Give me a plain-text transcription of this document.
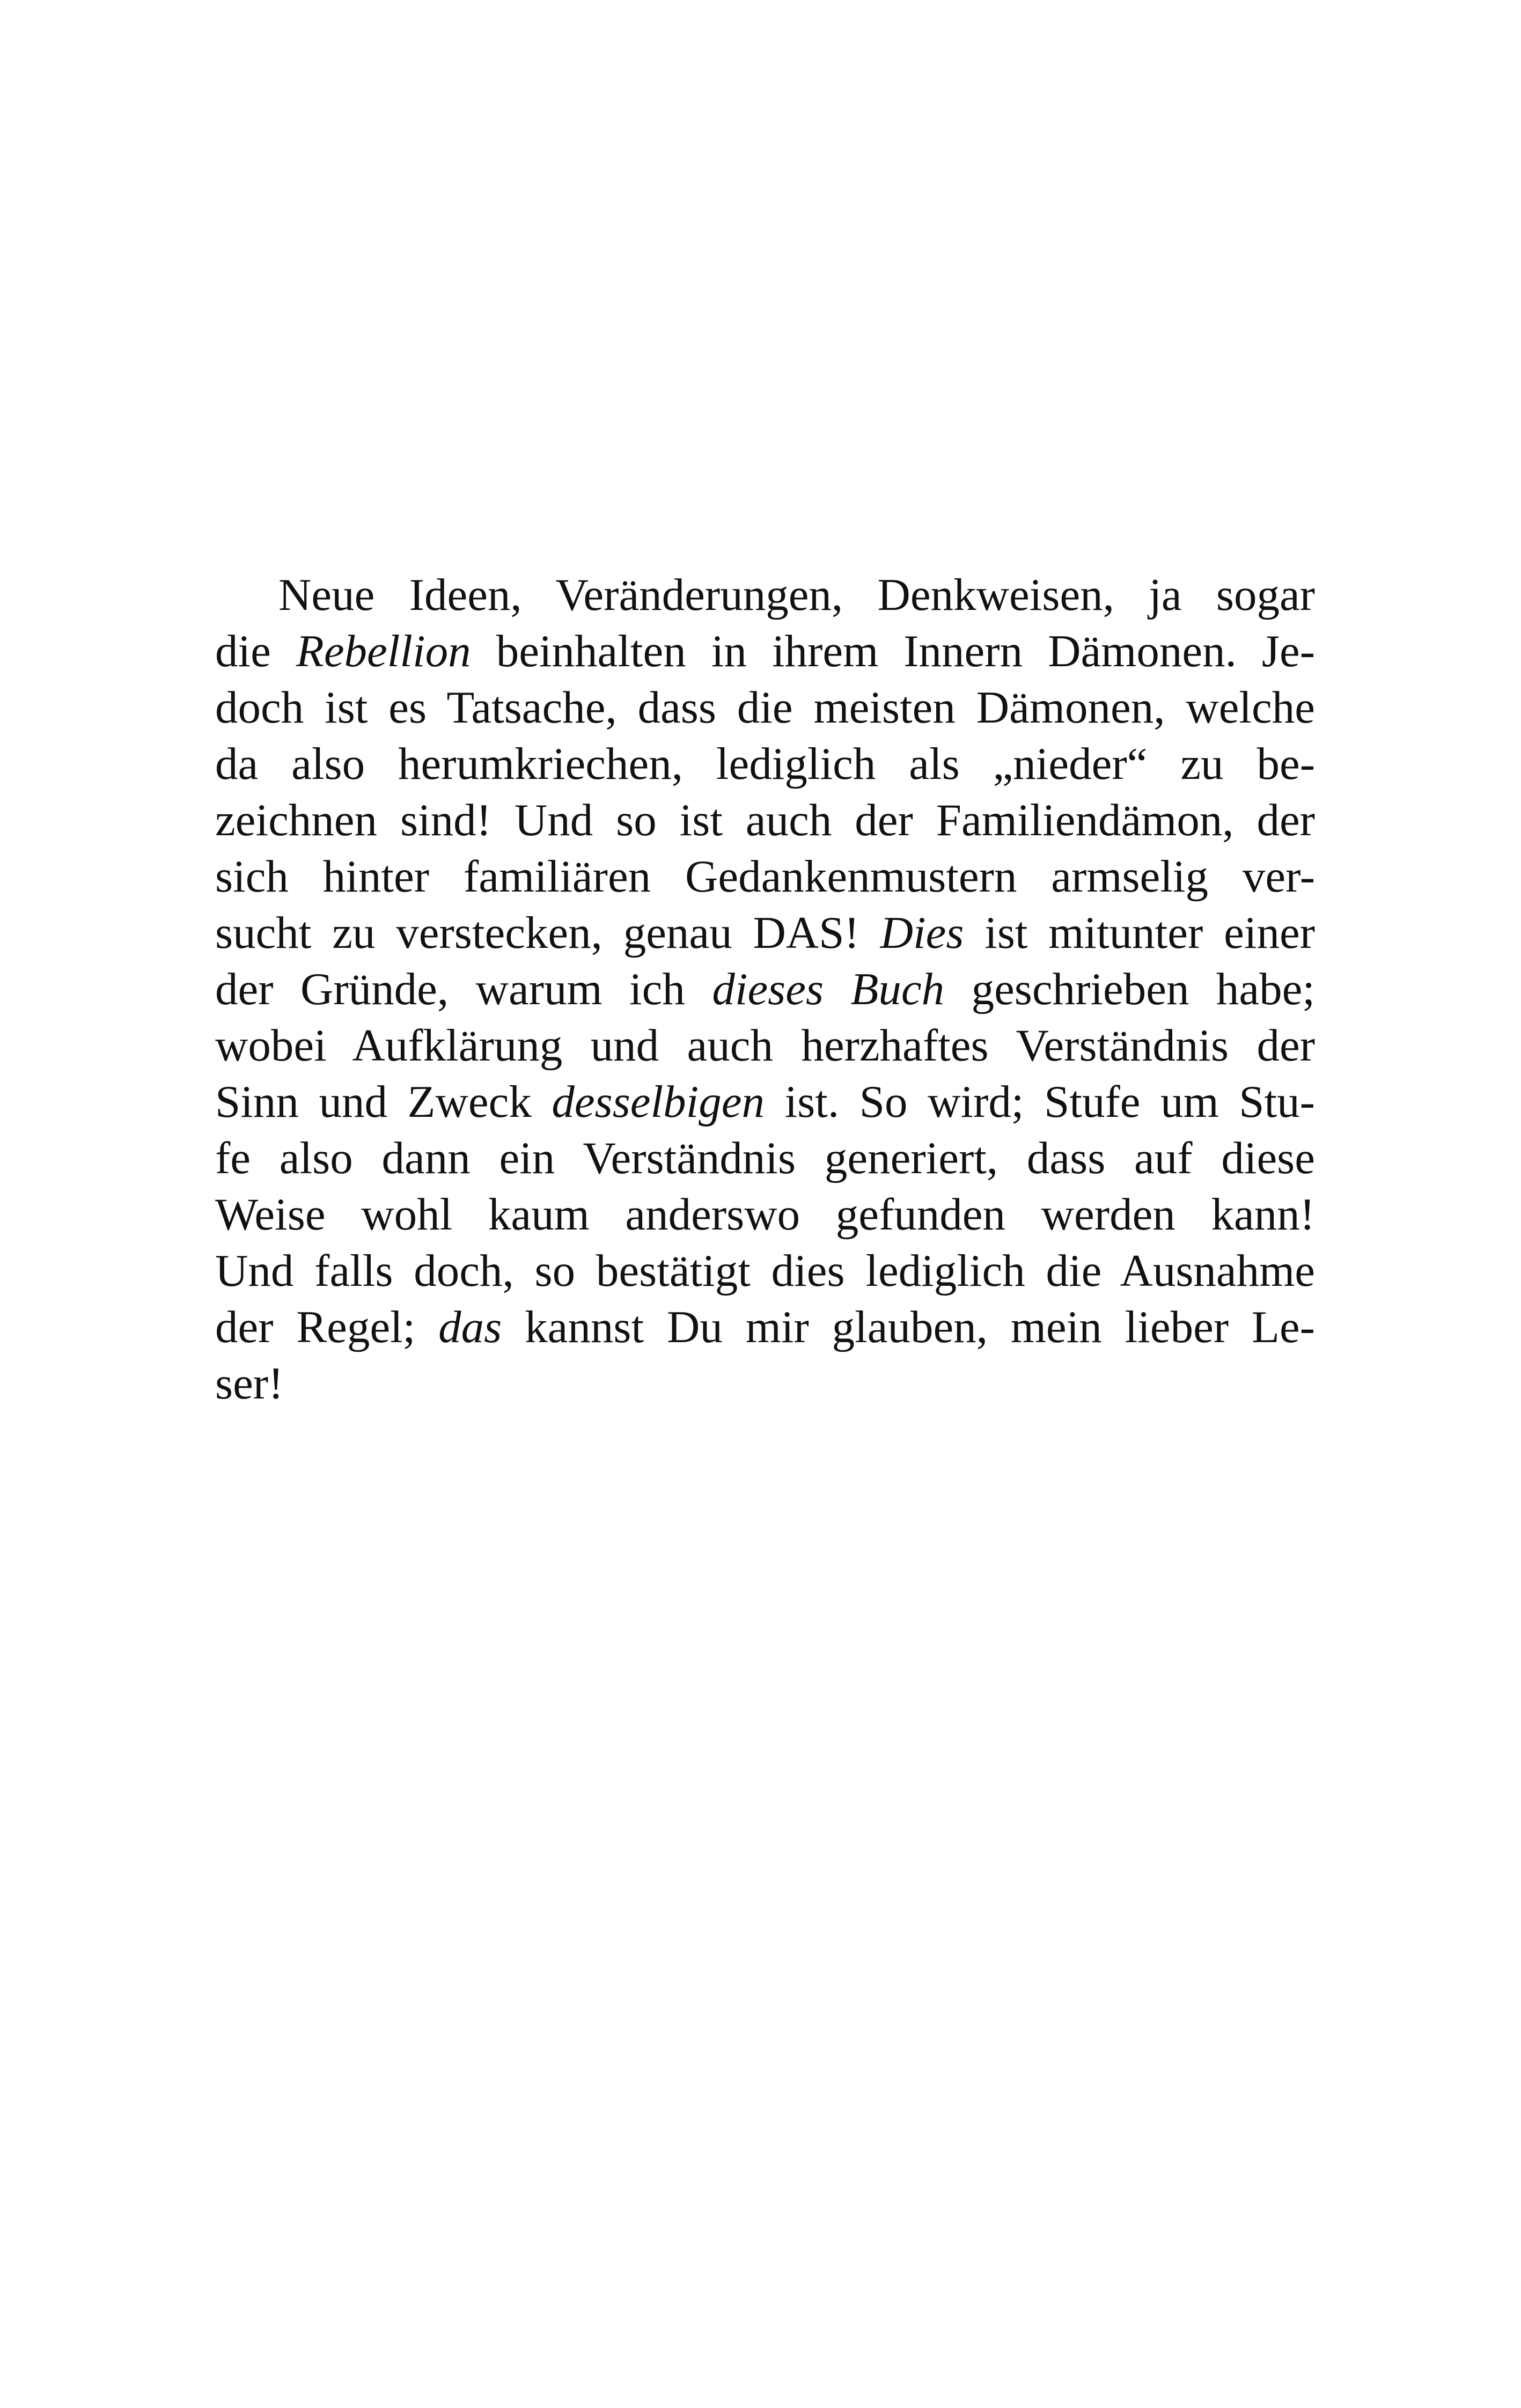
Neue Ideen, Veränderungen, Denkweisen, ja sogar
die Rebellion beinhalten in ihrem Innern Dämonen. Je-
doch ist es Tatsache, dass die meisten Dämonen, welche
da also herumkriechen, lediglich als „nieder“ zu be-
zeichnen sind! Und so ist auch der Familiendämon, der
sich hinter familiären Gedankenmustern armselig ver-
sucht zu verstecken, genau DAS! Dies ist mitunter einer
der Gründe, warum ich dieses Buch geschrieben habe;
wobei Aufklärung und auch herzhaftes Verständnis der
Sinn und Zweck desselbigen ist. So wird; Stufe um Stu-
fe also dann ein Verständnis generiert, dass auf diese
Weise wohl kaum anderswo gefunden werden kann!
Und falls doch, so bestätigt dies lediglich die Ausnahme
der Regel; das kannst Du mir glauben, mein lieber Le-
ser!
